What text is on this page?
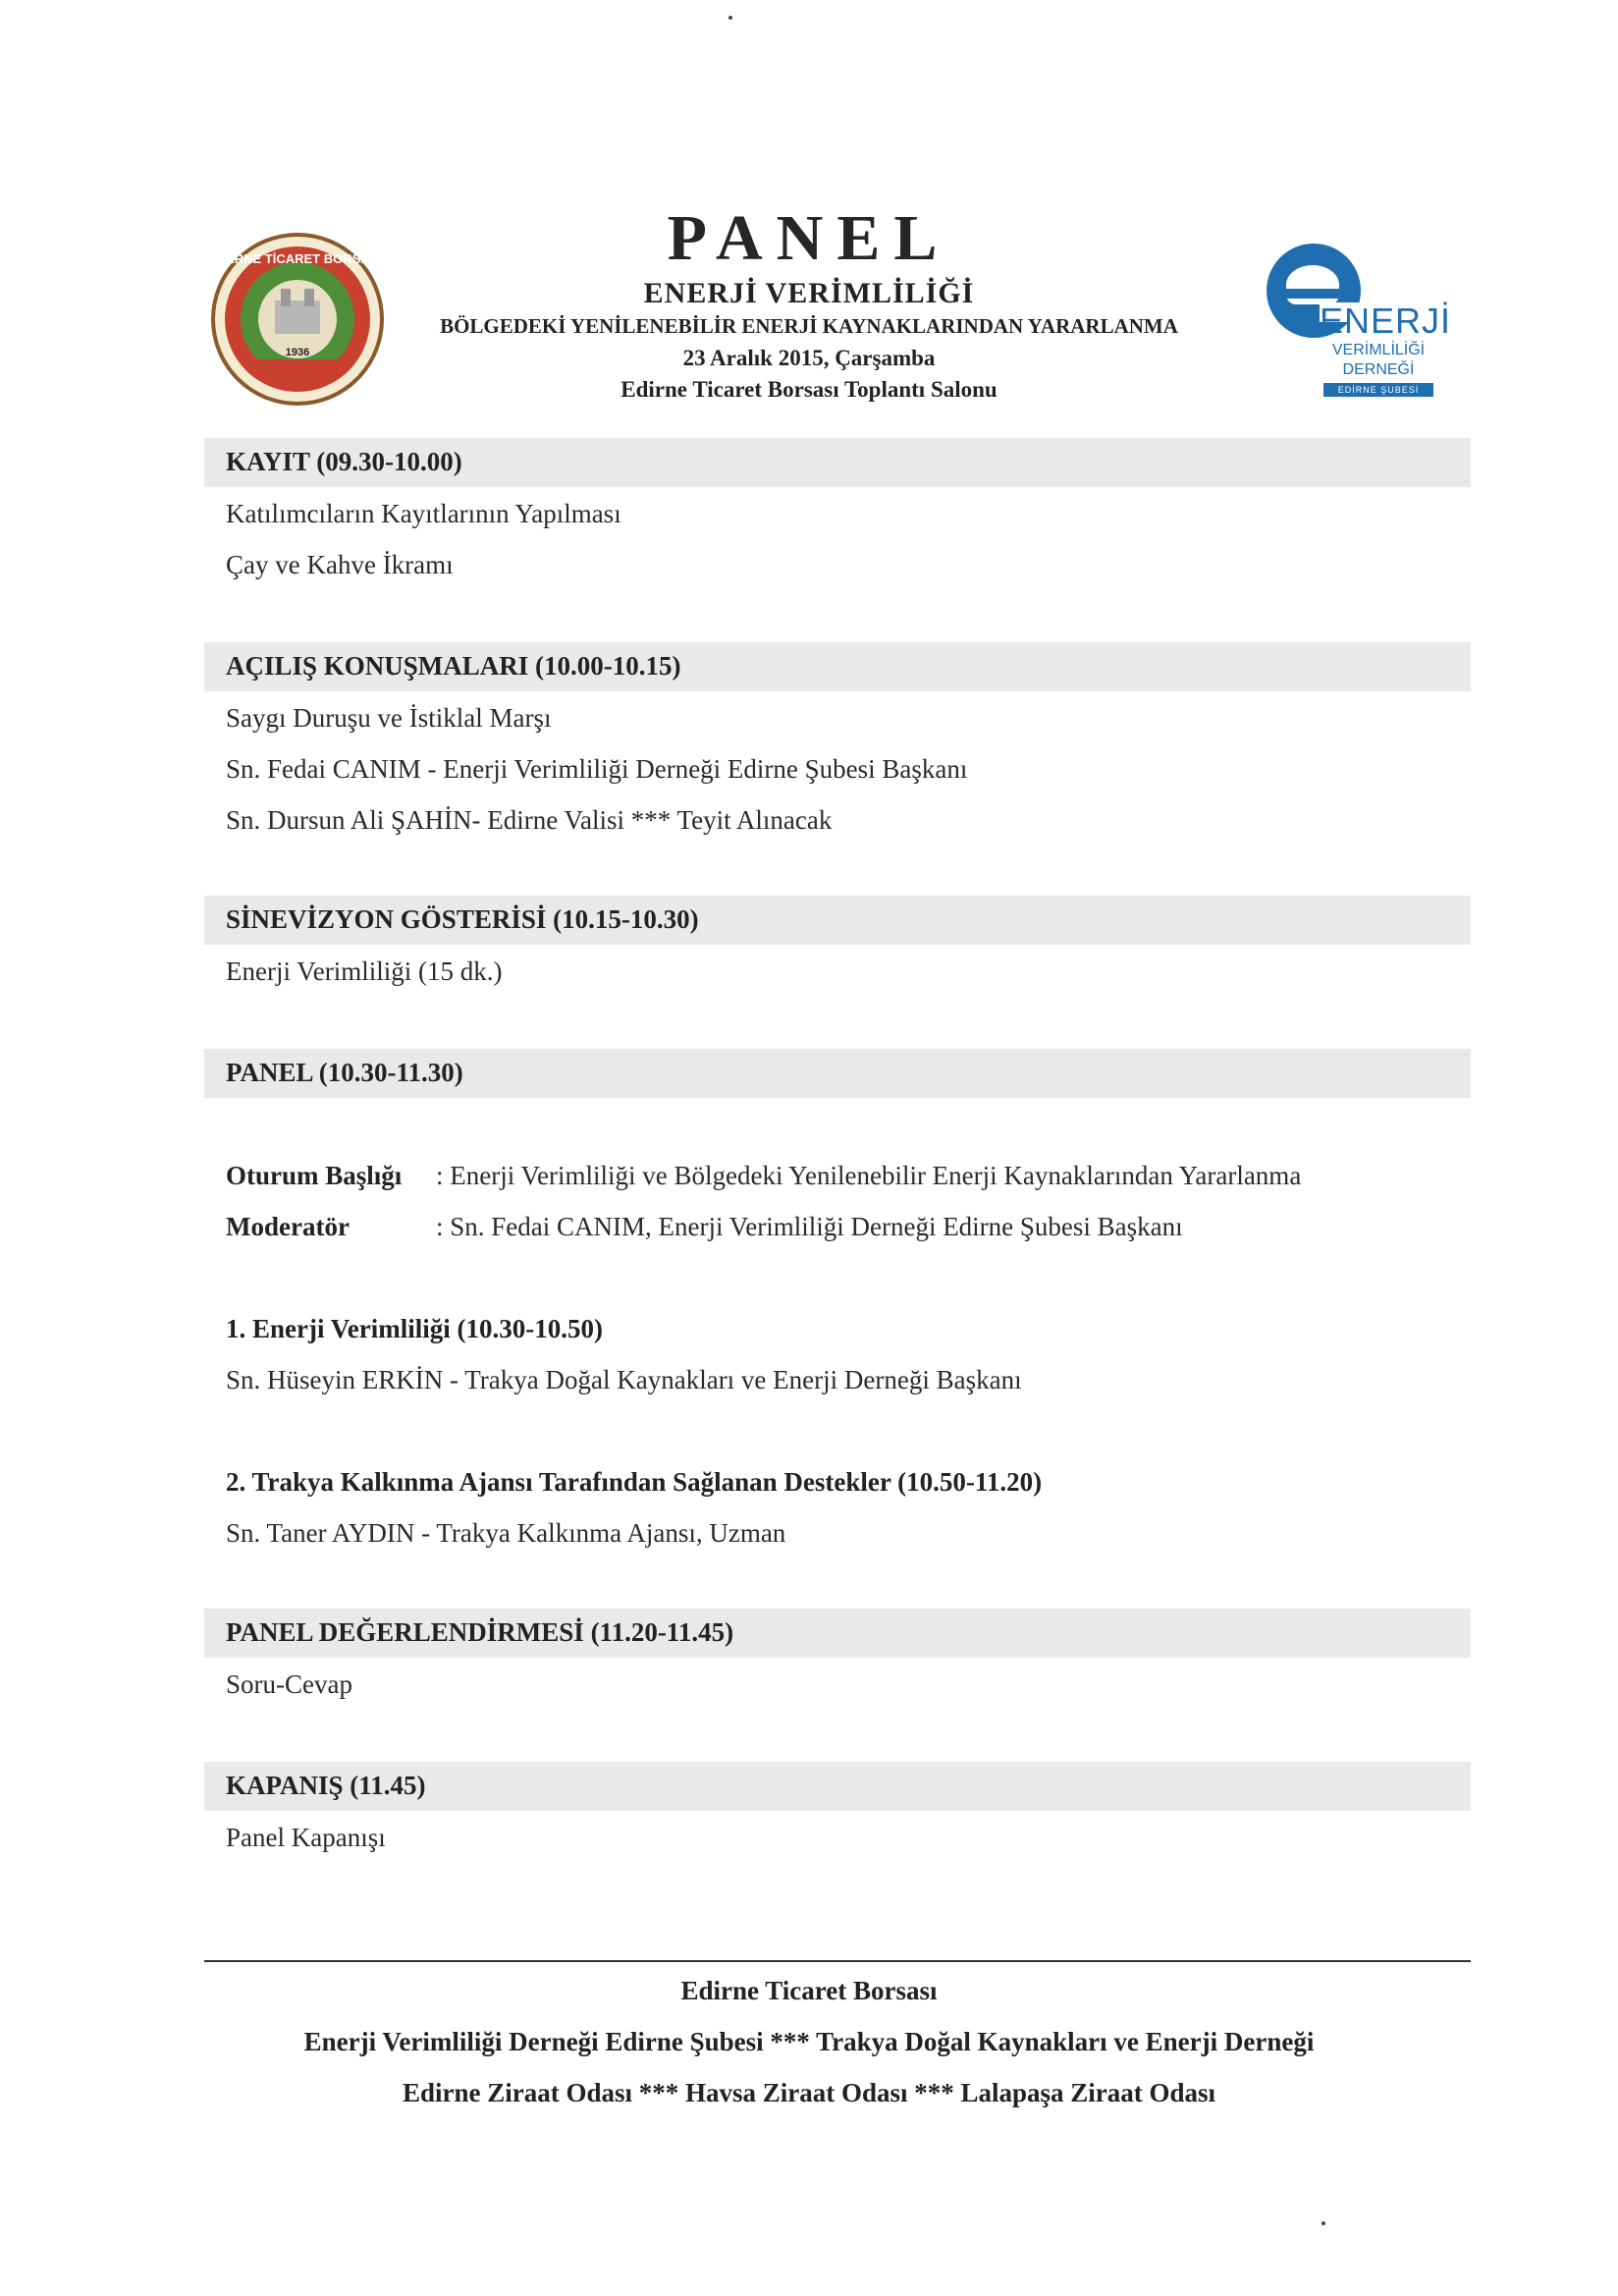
EDİRNE TİCARET BORSASI
1936
PANEL
ENERJİ VERİMLİLİĞİ
BÖLGEDEKİ YENİLENEBİLİR ENERJİ KAYNAKLARINDAN YARARLANMA
23 Aralık 2015, Çarşamba
Edirne Ticaret Borsası Toplantı Salonu
ENERJİ
VERİMLİLİĞİ
DERNEĞİ
EDİRNE ŞUBESİ
KAYIT (09.30-10.00)
Katılımcıların Kayıtlarının Yapılması
Çay ve Kahve İkramı
AÇILIŞ KONUŞMALARI (10.00-10.15)
Saygı Duruşu ve İstiklal Marşı
Sn. Fedai CANIM - Enerji Verimliliği Derneği Edirne Şubesi Başkanı
Sn. Dursun Ali ŞAHİN- Edirne Valisi *** Teyit Alınacak
SİNEVİZYON GÖSTERİSİ (10.15-10.30)
Enerji Verimliliği (15 dk.)
PANEL (10.30-11.30)
Oturum Başlığı : Enerji Verimliliği ve Bölgedeki Yenilenebilir Enerji Kaynaklarından Yararlanma
Moderatör	: Sn. Fedai CANIM, Enerji Verimliliği Derneği Edirne Şubesi Başkanı
1. Enerji Verimliliği (10.30-10.50)
Sn. Hüseyin ERKİN - Trakya Doğal Kaynakları ve Enerji Derneği Başkanı
2. Trakya Kalkınma Ajansı Tarafından Sağlanan Destekler (10.50-11.20)
Sn. Taner AYDIN - Trakya Kalkınma Ajansı, Uzman
PANEL DEĞERLENDİRMESİ (11.20-11.45)
Soru-Cevap
KAPANIŞ (11.45)
Panel Kapanışı
Edirne Ticaret Borsası
Enerji Verimliliği Derneği Edirne Şubesi *** Trakya Doğal Kaynakları ve Enerji Derneği
Edirne Ziraat Odası *** Havsa Ziraat Odası *** Lalapaşa Ziraat Odası
